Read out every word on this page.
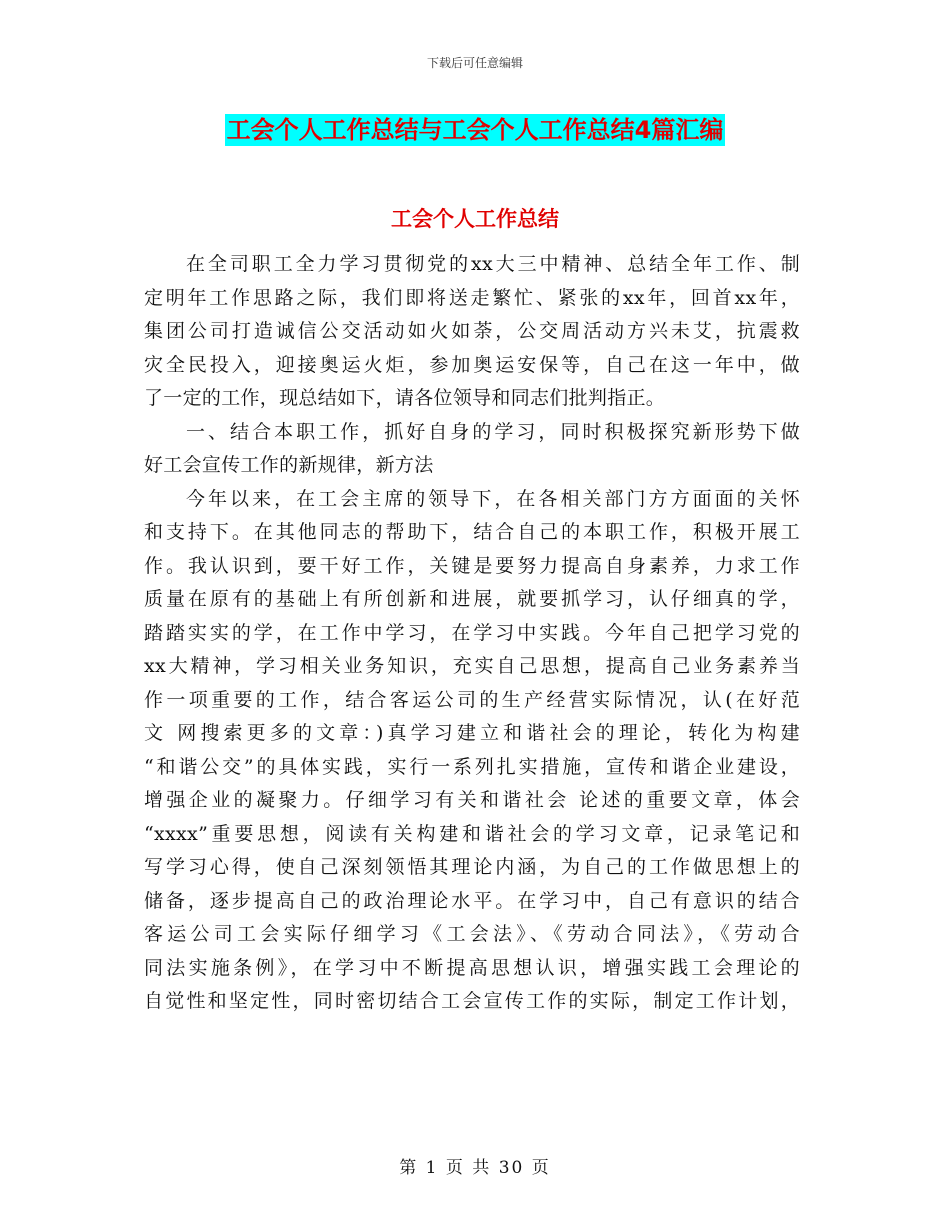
下载后可任意编辑
工会个人工作总结与工会个人工作总结4篇汇编
工会个人工作总结
在全司职工全力学习贯彻党的xx大三中精神、总结全年工作、制
定明年工作思路之际，我们即将送走繁忙、紧张的xx年，回首xx年，
集团公司打造诚信公交活动如火如荼，公交周活动方兴未艾，抗震救
灾全民投入，迎接奥运火炬，参加奥运安保等，自己在这一年中，做
了一定的工作，现总结如下，请各位领导和同志们批判指正。
一、结合本职工作，抓好自身的学习，同时积极探究新形势下做
好工会宣传工作的新规律，新方法
今年以来，在工会主席的领导下，在各相关部门方方面面的关怀
和支持下。在其他同志的帮助下，结合自己的本职工作，积极开展工
作。我认识到，要干好工作，关键是要努力提高自身素养，力求工作
质量在原有的基础上有所创新和进展，就要抓学习，认仔细真的学，
踏踏实实的学，在工作中学习，在学习中实践。今年自己把学习党的
xx大精神，学习相关业务知识，充实自己思想，提高自己业务素养当
作一项重要的工作，结合客运公司的生产经营实际情况，认(在好范
文 网搜索更多的文章：)真学习建立和谐社会的理论，转化为构建
“和谐公交”的具体实践，实行一系列扎实措施，宣传和谐企业建设，
增强企业的凝聚力。仔细学习有关和谐社会 论述的重要文章，体会
“xxxx”重要思想，阅读有关构建和谐社会的学习文章，记录笔记和
写学习心得，使自己深刻领悟其理论内涵，为自己的工作做思想上的
储备，逐步提高自己的政治理论水平。在学习中，自己有意识的结合
客运公司工会实际仔细学习《工会法》、《劳动合同法》，《劳动合
同法实施条例》，在学习中不断提高思想认识，增强实践工会理论的
自觉性和坚定性，同时密切结合工会宣传工作的实际，制定工作计划，
第 1 页 共 30 页
